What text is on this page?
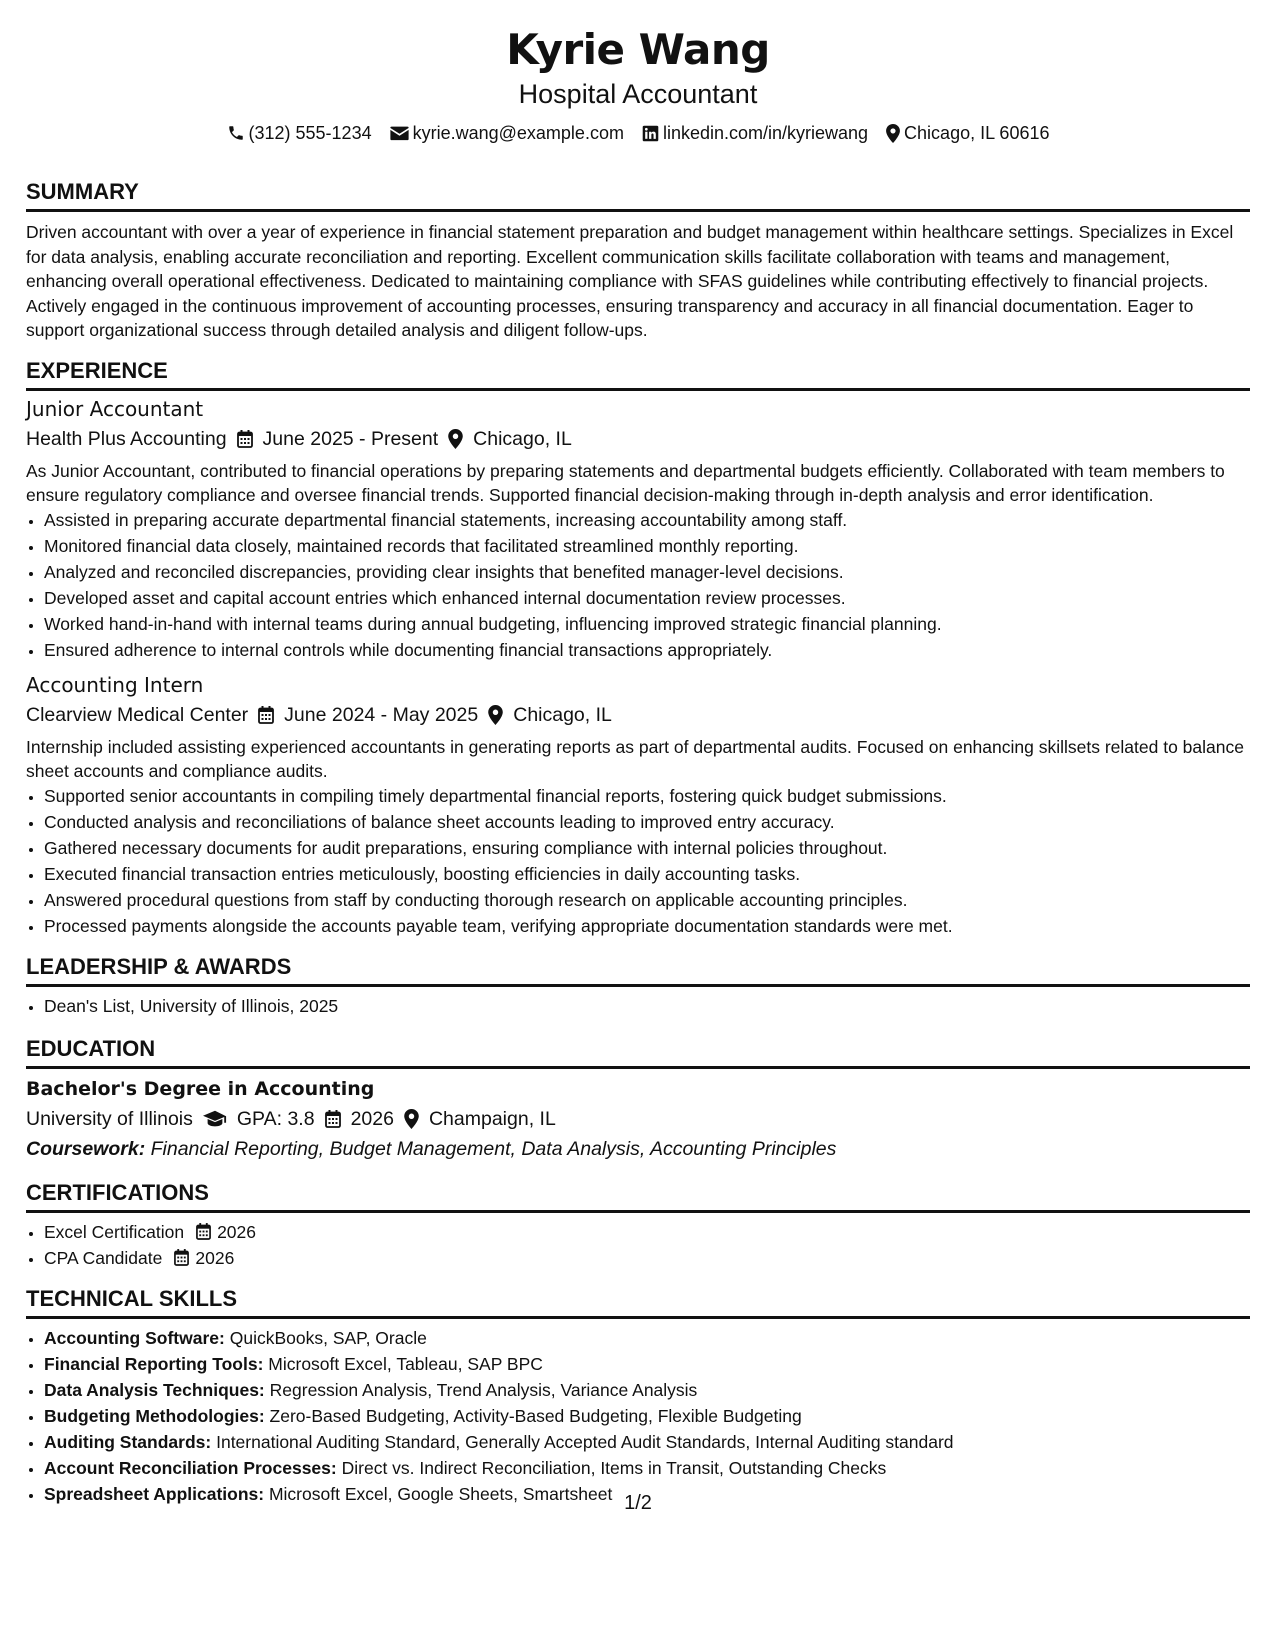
Kyrie Wang
Hospital Accountant
(312) 555-1234 kyrie.wang@example.com linkedin.com/in/kyriewang Chicago, IL 60616
SUMMARY
Driven accountant with over a year of experience in financial statement preparation and budget management within healthcare settings. Specializes in Excel for data analysis, enabling accurate reconciliation and reporting. Excellent communication skills facilitate collaboration with teams and management, enhancing overall operational effectiveness. Dedicated to maintaining compliance with SFAS guidelines while contributing effectively to financial projects. Actively engaged in the continuous improvement of accounting processes, ensuring transparency and accuracy in all financial documentation. Eager to support organizational success through detailed analysis and diligent follow-ups.
EXPERIENCE
Junior Accountant
Health Plus Accounting June 2025 - Present Chicago, IL
As Junior Accountant, contributed to financial operations by preparing statements and departmental budgets efficiently. Collaborated with team members to ensure regulatory compliance and oversee financial trends. Supported financial decision-making through in-depth analysis and error identification.
• Assisted in preparing accurate departmental financial statements, increasing accountability among staff.
• Monitored financial data closely, maintained records that facilitated streamlined monthly reporting.
• Analyzed and reconciled discrepancies, providing clear insights that benefited manager-level decisions.
• Developed asset and capital account entries which enhanced internal documentation review processes.
• Worked hand-in-hand with internal teams during annual budgeting, influencing improved strategic financial planning.
• Ensured adherence to internal controls while documenting financial transactions appropriately.
Accounting Intern
Clearview Medical Center June 2024 - May 2025 Chicago, IL
Internship included assisting experienced accountants in generating reports as part of departmental audits. Focused on enhancing skillsets related to balance sheet accounts and compliance audits.
• Supported senior accountants in compiling timely departmental financial reports, fostering quick budget submissions.
• Conducted analysis and reconciliations of balance sheet accounts leading to improved entry accuracy.
• Gathered necessary documents for audit preparations, ensuring compliance with internal policies throughout.
• Executed financial transaction entries meticulously, boosting efficiencies in daily accounting tasks.
• Answered procedural questions from staff by conducting thorough research on applicable accounting principles.
• Processed payments alongside the accounts payable team, verifying appropriate documentation standards were met.
LEADERSHIP & AWARDS
• Dean's List, University of Illinois, 2025
EDUCATION
Bachelor's Degree in Accounting
University of Illinois GPA: 3.8 2026 Champaign, IL
Coursework: Financial Reporting, Budget Management, Data Analysis, Accounting Principles
CERTIFICATIONS
• Excel Certification 2026
• CPA Candidate 2026
TECHNICAL SKILLS
• Accounting Software: QuickBooks, SAP, Oracle
• Financial Reporting Tools: Microsoft Excel, Tableau, SAP BPC
• Data Analysis Techniques: Regression Analysis, Trend Analysis, Variance Analysis
• Budgeting Methodologies: Zero-Based Budgeting, Activity-Based Budgeting, Flexible Budgeting
• Auditing Standards: International Auditing Standard, Generally Accepted Audit Standards, Internal Auditing standard
• Account Reconciliation Processes: Direct vs. Indirect Reconciliation, Items in Transit, Outstanding Checks
• Spreadsheet Applications: Microsoft Excel, Google Sheets, Smartsheet 1/2
